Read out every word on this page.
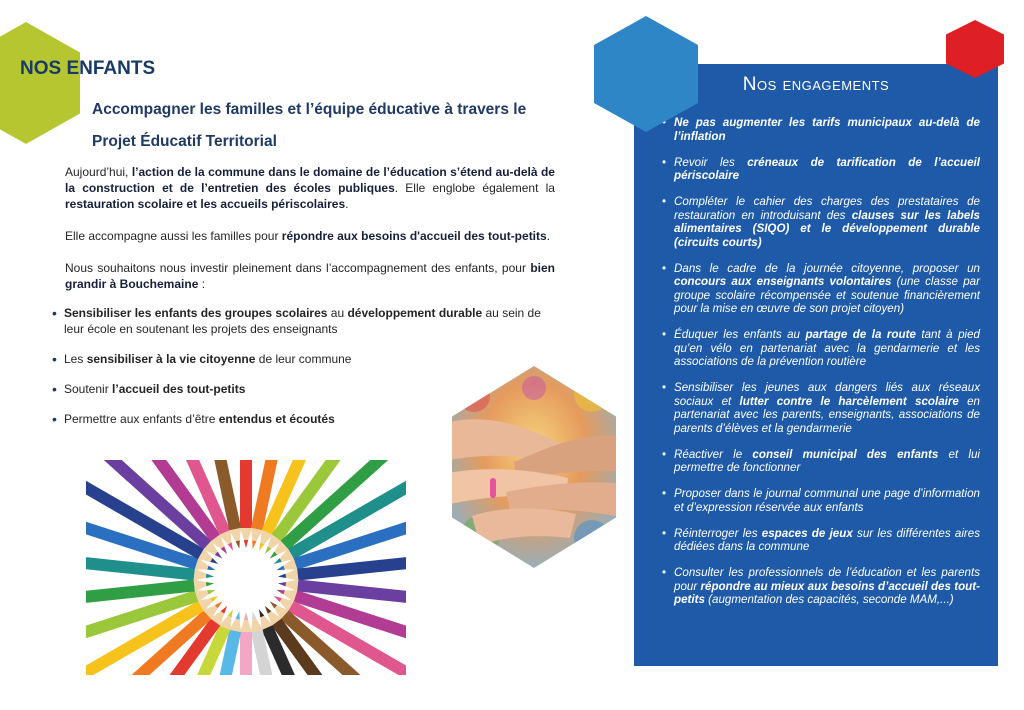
NOS ENFANTS
Accompagner les familles et l’équipe éducative à travers le Projet Éducatif Territorial

Aujourd’hui, l’action de la commune dans le domaine de l’éducation s’étend au-delà de la construction et de l’entretien des écoles publiques. Elle englobe également la restauration scolaire et les accueils périscolaires.

Elle accompagne aussi les familles pour répondre aux besoins d'accueil des tout-petits.

Nous souhaitons nous investir pleinement dans l’accompagnement des enfants, pour bien grandir à Bouchemaine :

• Sensibiliser les enfants des groupes scolaires au développement durable au sein de leur école en soutenant les projets des enseignants
• Les sensibiliser à la vie citoyenne de leur commune
• Soutenir l’accueil des tout-petits
• Permettre aux enfants d’être entendus et écoutés
Nos engagements
• Ne pas augmenter les tarifs municipaux au-delà de l’inflation
• Revoir les créneaux de tarification de l’accueil périscolaire
• Compléter le cahier des charges des prestataires de restauration en introduisant des clauses sur les labels alimentaires (SIQO) et le développement durable (circuits courts)
• Dans le cadre de la journée citoyenne, proposer un concours aux enseignants volontaires (une classe par groupe scolaire récompensée et soutenue financièrement pour la mise en œuvre de son projet citoyen)
• Éduquer les enfants au partage de la route tant à pied qu’en vélo en partenariat avec la gendarmerie et les associations de la prévention routière
• Sensibiliser les jeunes aux dangers liés aux réseaux sociaux et lutter contre le harcèlement scolaire en partenariat avec les parents, enseignants, associations de parents d’élèves et la gendarmerie
• Réactiver le conseil municipal des enfants et lui permettre de fonctionner
• Proposer dans le journal communal une page d’information et d’expression réservée aux enfants
• Réinterroger les espaces de jeux sur les différentes aires dédiées dans la commune
• Consulter les professionnels de l’éducation et les parents pour répondre au mieux aux besoins d’accueil des tout-petits (augmentation des capacités, seconde MAM,...)
